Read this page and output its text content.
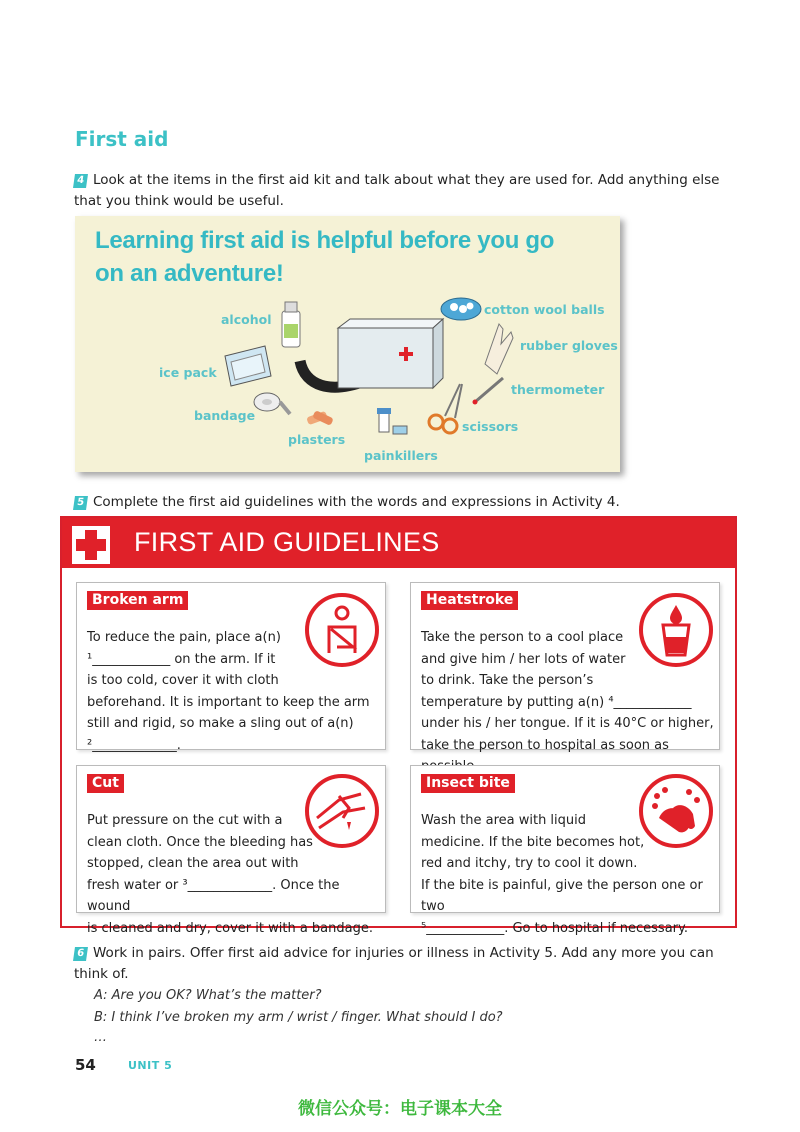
First aid
4 Look at the items in the first aid kit and talk about what they are used for. Add anything else that you think would be useful.
Learning first aid is helpful before you go on an adventure!
alcohol
ice pack
bandage
plasters
painkillers
scissors
thermometer
rubber gloves
cotton wool balls
5 Complete the first aid guidelines with the words and expressions in Activity 4.
FIRST AID GUIDELINES
Broken arm
To reduce the pain, place a(n)
¹____________ on the arm. If it
is too cold, cover it with cloth
beforehand. It is important to keep the arm
still and rigid, so make a sling out of a(n)
²_____________.
Heatstroke
Take the person to a cool place
and give him / her lots of water
to drink. Take the person’s
temperature by putting a(n) ⁴____________
under his / her tongue. If it is 40°C or higher,
take the person to hospital as soon as
Cut
Put pressure on the cut with a
clean cloth. Once the bleeding has
stopped, clean the area out with
fresh water or ³_____________. Once the wound
is cleaned and dry, cover it with a bandage.
Insect bite
Wash the area with liquid
medicine. If the bite becomes hot,
red and itchy, try to cool it down.
If the bite is painful, give the person one or two
⁵____________. Go to hospital if necessary.
6 Work in pairs. Offer first aid advice for injuries or illness in Activity 5. Add any more you can think of.
A: Are you OK? What’s the matter?
B: I think I’ve broken my arm / wrist / finger. What should I do?
…
54	UNIT 5
微信公众号：电子课本大全
